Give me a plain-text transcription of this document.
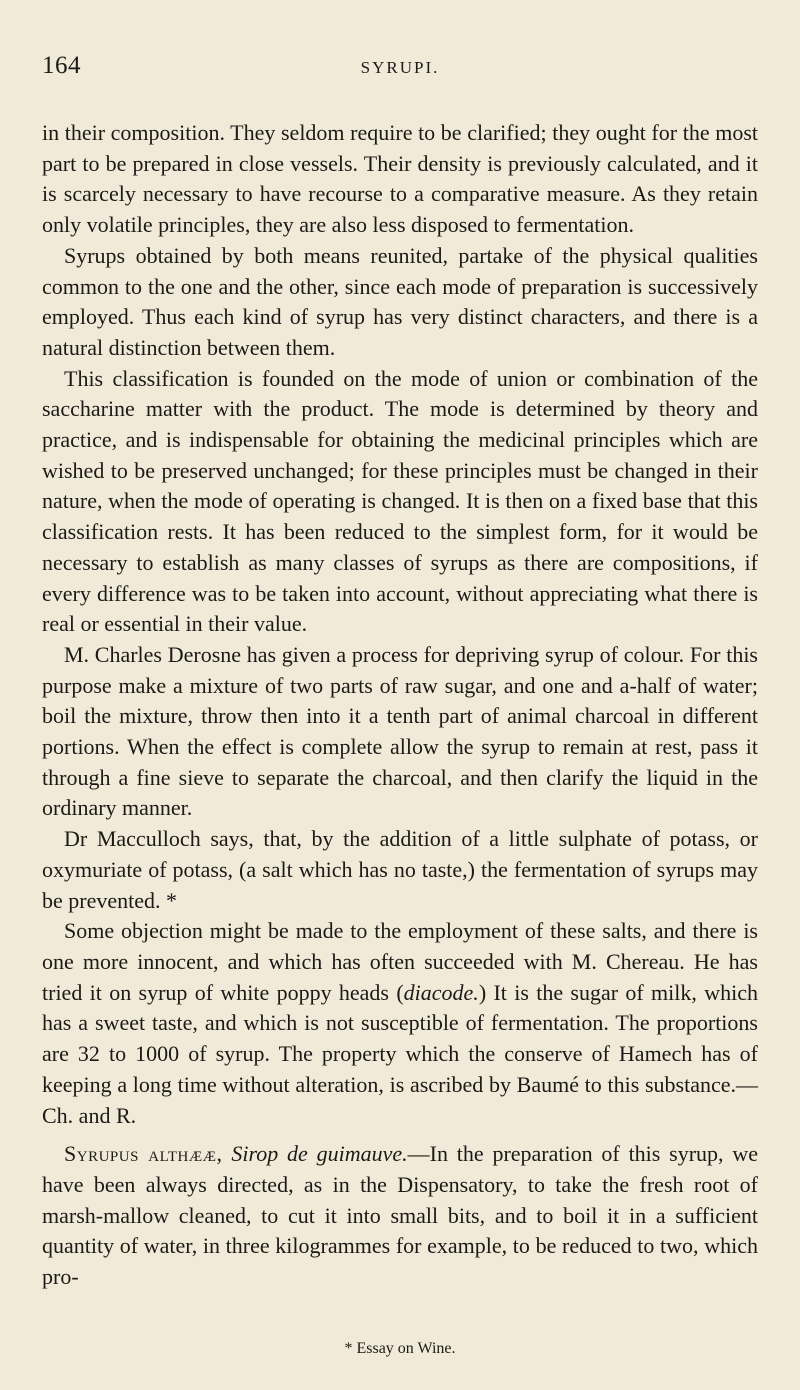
164	SYRUPI.

in their composition. They seldom require to be clarified; they ought for the most part to be prepared in close vessels. Their density is previously calculated, and it is scarcely necessary to have recourse to a comparative measure. As they retain only volatile principles, they are also less disposed to fermentation.

Syrups obtained by both means reunited, partake of the physical qualities common to the one and the other, since each mode of preparation is successively employed. Thus each kind of syrup has very distinct characters, and there is a natural distinction between them.

This classification is founded on the mode of union or combination of the saccharine matter with the product. The mode is determined by theory and practice, and is indispensable for obtaining the medicinal principles which are wished to be preserved unchanged; for these principles must be changed in their nature, when the mode of operating is changed. It is then on a fixed base that this classification rests. It has been reduced to the simplest form, for it would be necessary to establish as many classes of syrups as there are compositions, if every difference was to be taken into account, without appreciating what there is real or essential in their value.

M. Charles Derosne has given a process for depriving syrup of colour. For this purpose make a mixture of two parts of raw sugar, and one and a-half of water; boil the mixture, throw then into it a tenth part of animal charcoal in different portions. When the effect is complete allow the syrup to remain at rest, pass it through a fine sieve to separate the charcoal, and then clarify the liquid in the ordinary manner.

Dr Macculloch says, that, by the addition of a little sulphate of potass, or oxymuriate of potass, (a salt which has no taste,) the fermentation of syrups may be prevented. *

Some objection might be made to the employment of these salts, and there is one more innocent, and which has often succeeded with M. Chereau. He has tried it on syrup of white poppy heads (diacode.) It is the sugar of milk, which has a sweet taste, and which is not susceptible of fermentation. The proportions are 32 to 1000 of syrup. The property which the conserve of Hamech has of keeping a long time without alteration, is ascribed by Baumé to this substance.—Ch. and R.

Syrupus althææ, Sirop de guimauve.—In the preparation of this syrup, we have been always directed, as in the Dispensatory, to take the fresh root of marsh-mallow cleaned, to cut it into small bits, and to boil it in a sufficient quantity of water, in three kilogrammes for example, to be reduced to two, which pro-

* Essay on Wine.
